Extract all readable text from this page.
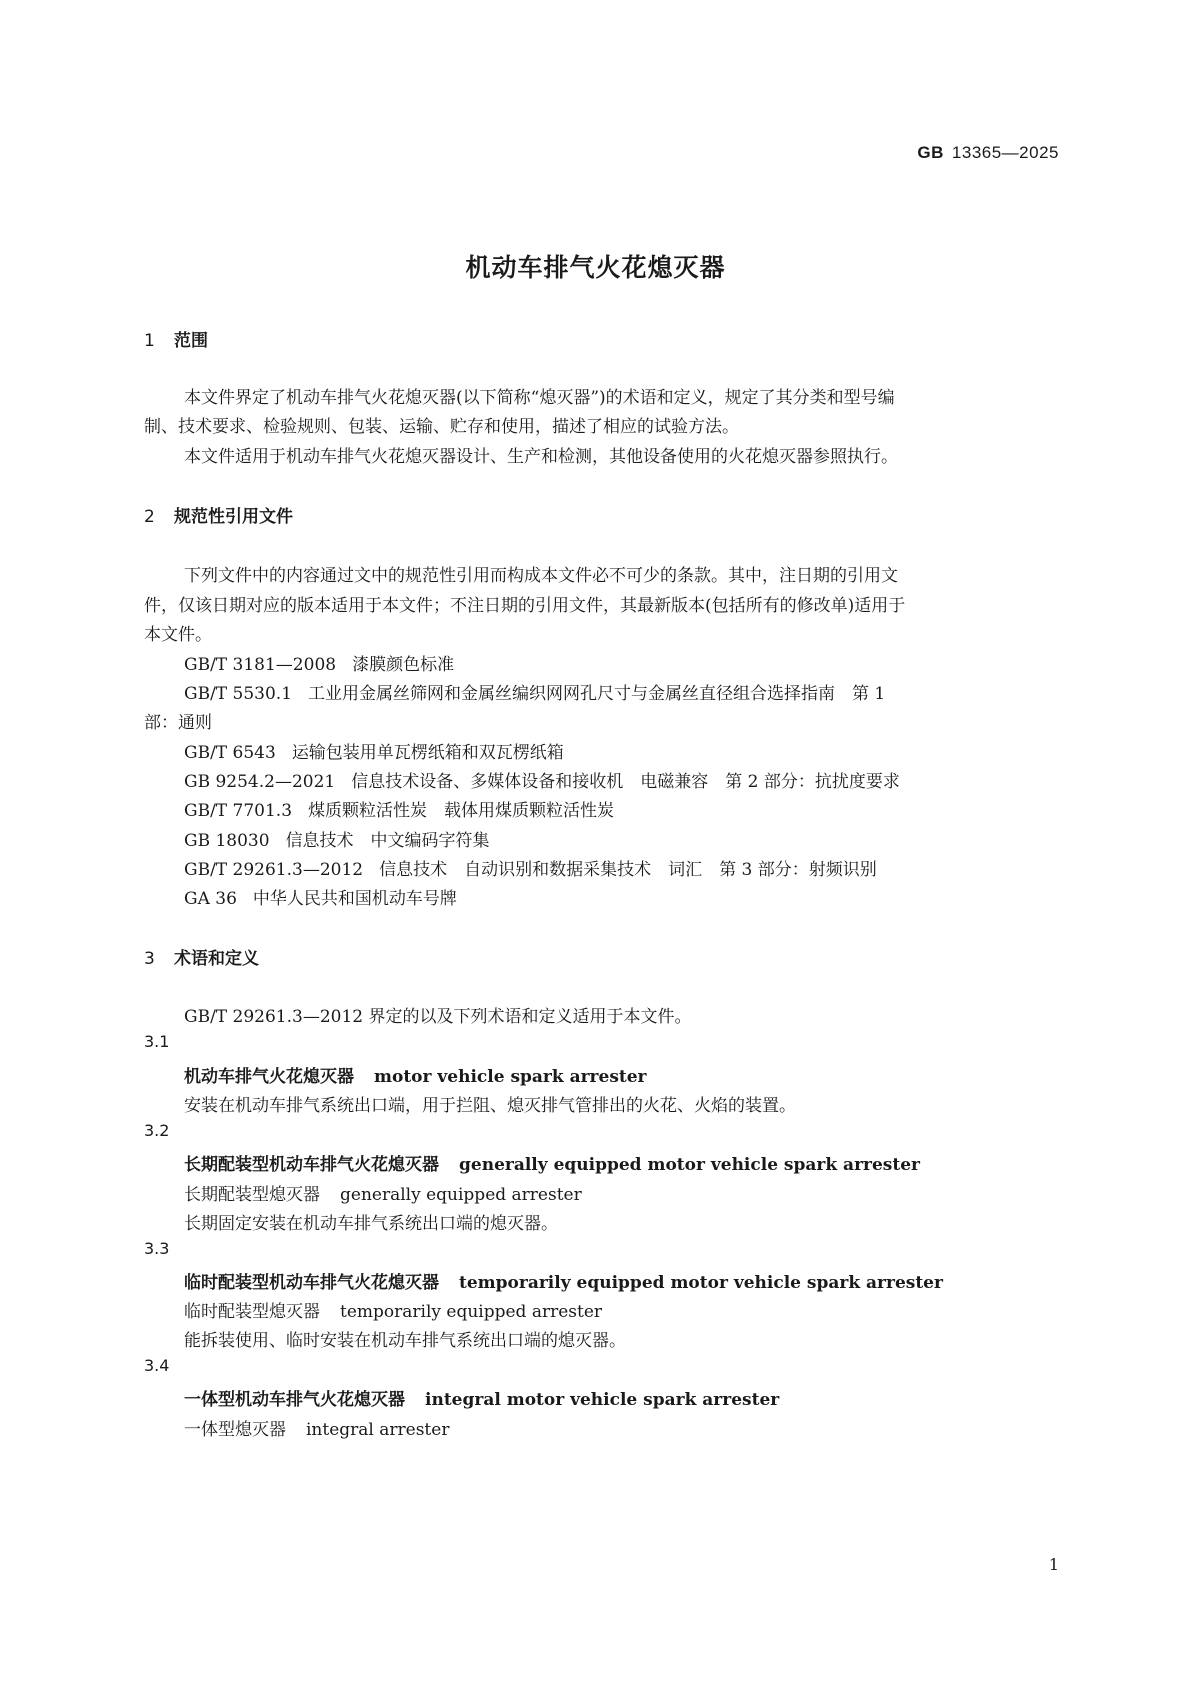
GB 13365—2025
机动车排气火花熄灭器
1 范围
本文件界定了机动车排气火花熄灭器(以下简称“熄灭器”)的术语和定义，规定了其分类和型号编
制、技术要求、检验规则、包装、运输、贮存和使用，描述了相应的试验方法。
本文件适用于机动车排气火花熄灭器设计、生产和检测，其他设备使用的火花熄灭器参照执行。
2 规范性引用文件
下列文件中的内容通过文中的规范性引用而构成本文件必不可少的条款。其中，注日期的引用文
件，仅该日期对应的版本适用于本文件；不注日期的引用文件，其最新版本(包括所有的修改单)适用于
本文件。
GB/T 3181—2008 漆膜颜色标准
GB/T 5530.1 工业用金属丝筛网和金属丝编织网网孔尺寸与金属丝直径组合选择指南　第 1
部：通则
GB/T 6543 运输包装用单瓦楞纸箱和双瓦楞纸箱
GB 9254.2—2021 信息技术设备、多媒体设备和接收机　电磁兼容　第 2 部分：抗扰度要求
GB/T 7701.3 煤质颗粒活性炭　载体用煤质颗粒活性炭
GB 18030 信息技术　中文编码字符集
GB/T 29261.3—2012 信息技术　自动识别和数据采集技术　词汇　第 3 部分：射频识别
GA 36 中华人民共和国机动车号牌
3 术语和定义
GB/T 29261.3—2012 界定的以及下列术语和定义适用于本文件。
3.1
机动车排气火花熄灭器 motor vehicle spark arrester
安装在机动车排气系统出口端，用于拦阻、熄灭排气管排出的火花、火焰的装置。
3.2
长期配装型机动车排气火花熄灭器 generally equipped motor vehicle spark arrester
长期配装型熄灭器 generally equipped arrester
长期固定安装在机动车排气系统出口端的熄灭器。
3.3
临时配装型机动车排气火花熄灭器 temporarily equipped motor vehicle spark arrester
临时配装型熄灭器 temporarily equipped arrester
能拆装使用、临时安装在机动车排气系统出口端的熄灭器。
3.4
一体型机动车排气火花熄灭器 integral motor vehicle spark arrester
一体型熄灭器 integral arrester
1
